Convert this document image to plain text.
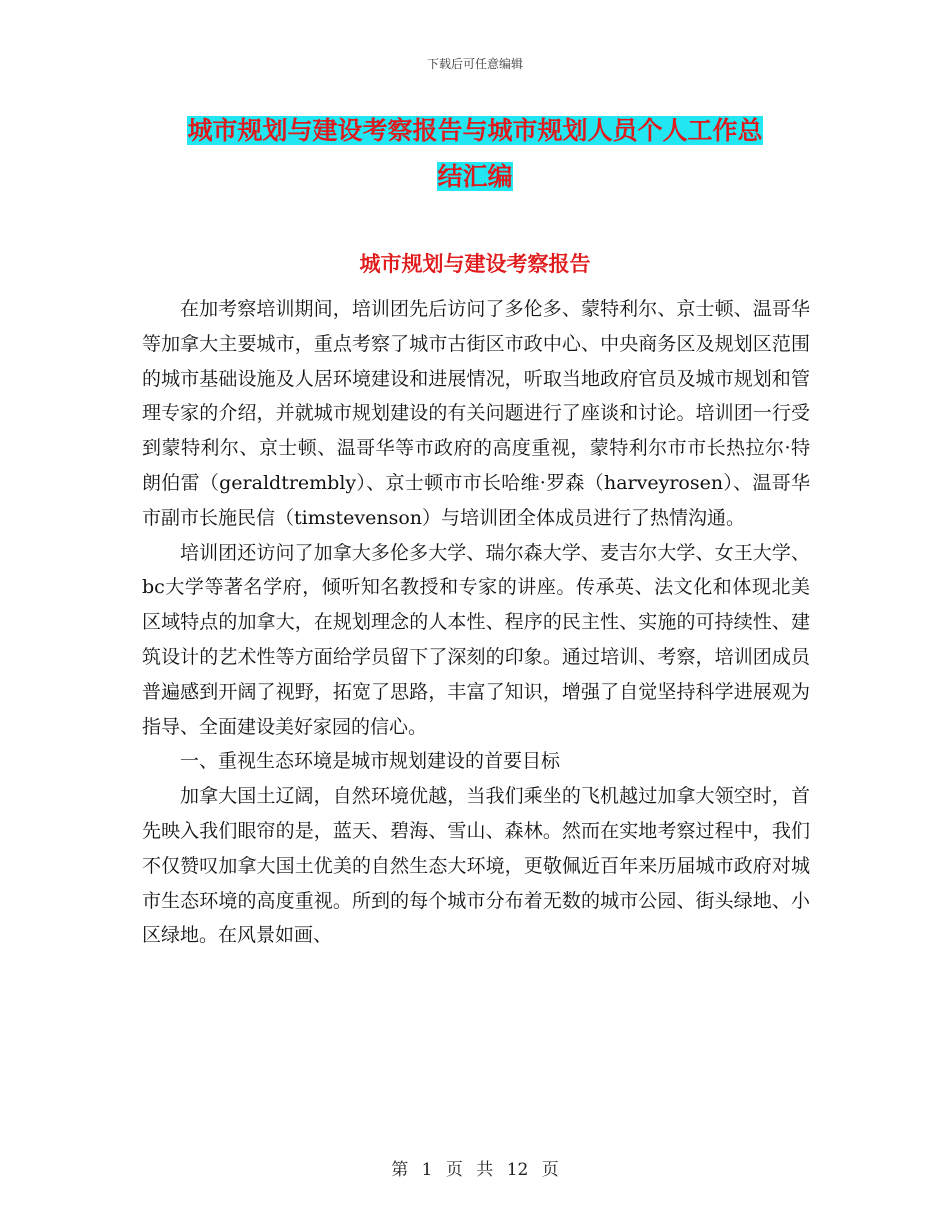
下载后可任意编辑
城市规划与建设考察报告与城市规划人员个人工作总
结汇编
城市规划与建设考察报告

在加考察培训期间，培训团先后访问了多伦多、蒙特利尔、京士顿、温哥华等加拿大主要城市，重点考察了城市古街区市政中心、中央商务区及规划区范围的城市基础设施及人居环境建设和进展情况，听取当地政府官员及城市规划和管理专家的介绍，并就城市规划建设的有关问题进行了座谈和讨论。培训团一行受到蒙特利尔、京士顿、温哥华等市政府的高度重视，蒙特利尔市市长热拉尔·特朗伯雷（geraldtrembly）、京士顿市市长哈维·罗森（harveyrosen）、温哥华市副市长施民信（timstevenson）与培训团全体成员进行了热情沟通。

培训团还访问了加拿大多伦多大学、瑞尔森大学、麦吉尔大学、女王大学、bc大学等著名学府，倾听知名教授和专家的讲座。传承英、法文化和体现北美区域特点的加拿大，在规划理念的人本性、程序的民主性、实施的可持续性、建筑设计的艺术性等方面给学员留下了深刻的印象。通过培训、考察，培训团成员普遍感到开阔了视野，拓宽了思路，丰富了知识，增强了自觉坚持科学进展观为指导、全面建设美好家园的信心。

一、重视生态环境是城市规划建设的首要目标

加拿大国土辽阔，自然环境优越，当我们乘坐的飞机越过加拿大领空时，首先映入我们眼帘的是，蓝天、碧海、雪山、森林。然而在实地考察过程中，我们不仅赞叹加拿大国土优美的自然生态大环境，更敬佩近百年来历届城市政府对城市生态环境的高度重视。所到的每个城市分布着无数的城市公园、街头绿地、小区绿地。在风景如画、

第 1 页 共 12 页
